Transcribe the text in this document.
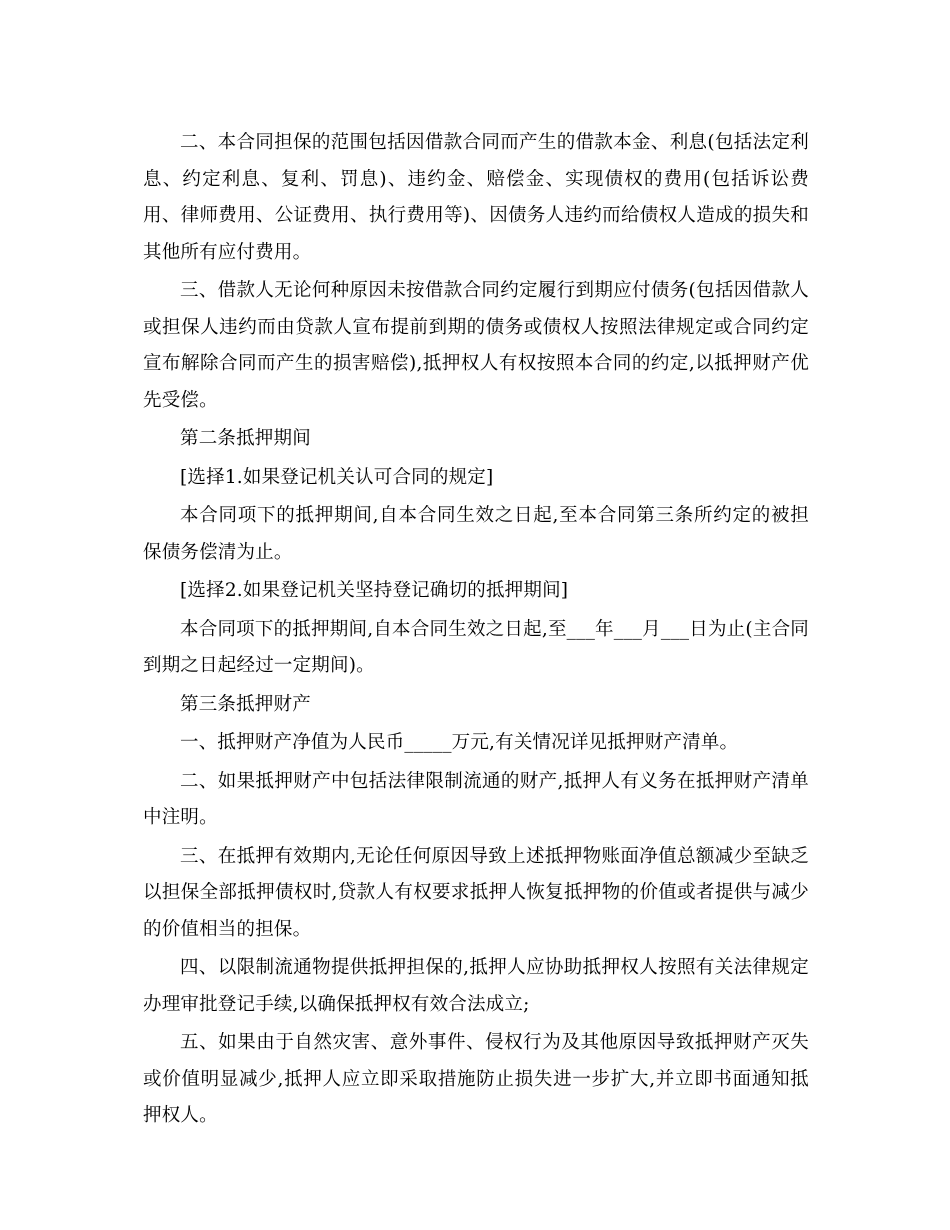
二、本合同担保的范围包括因借款合同而产生的借款本金、利息(包括法定利息、约定利息、复利、罚息)、违约金、赔偿金、实现债权的费用(包括诉讼费用、律师费用、公证费用、执行费用等)、因债务人违约而给债权人造成的损失和其他所有应付费用。

三、借款人无论何种原因未按借款合同约定履行到期应付债务(包括因借款人或担保人违约而由贷款人宣布提前到期的债务或债权人按照法律规定或合同约定宣布解除合同而产生的损害赔偿),抵押权人有权按照本合同的约定,以抵押财产优先受偿。

第二条抵押期间

[选择1.如果登记机关认可合同的规定]

本合同项下的抵押期间,自本合同生效之日起,至本合同第三条所约定的被担保债务偿清为止。

[选择2.如果登记机关坚持登记确切的抵押期间]

本合同项下的抵押期间,自本合同生效之日起,至___年___月___日为止(主合同到期之日起经过一定期间)。

第三条抵押财产

一、抵押财产净值为人民币_____万元,有关情况详见抵押财产清单。

二、如果抵押财产中包括法律限制流通的财产,抵押人有义务在抵押财产清单中注明。

三、在抵押有效期内,无论任何原因导致上述抵押物账面净值总额减少至缺乏以担保全部抵押债权时,贷款人有权要求抵押人恢复抵押物的价值或者提供与减少的价值相当的担保。

四、以限制流通物提供抵押担保的,抵押人应协助抵押权人按照有关法律规定办理审批登记手续,以确保抵押权有效合法成立;

五、如果由于自然灾害、意外事件、侵权行为及其他原因导致抵押财产灭失或价值明显减少,抵押人应立即采取措施防止损失进一步扩大,并立即书面通知抵押权人。
